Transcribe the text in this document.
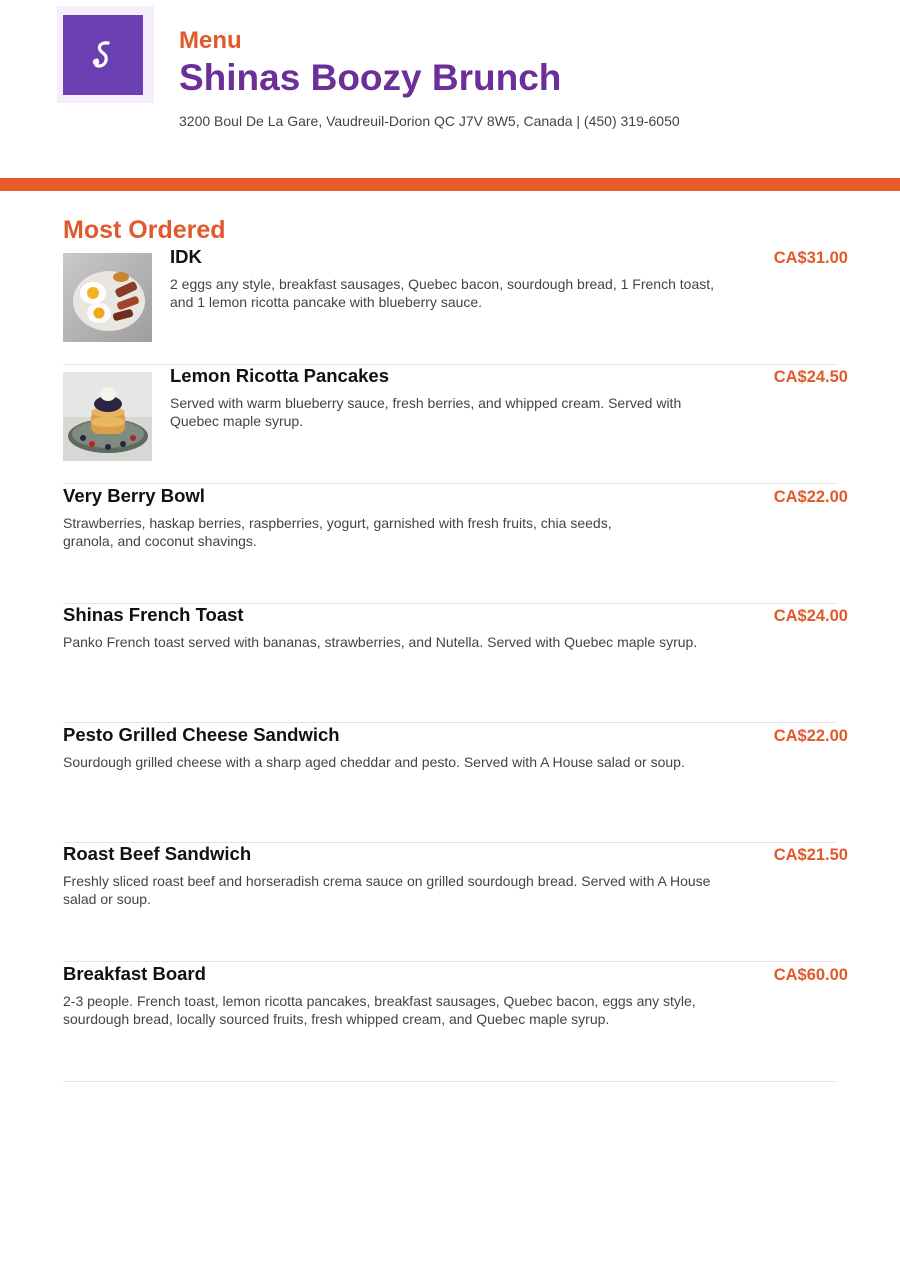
Menu

Shinas Boozy Brunch
3200 Boul De La Gare, Vaudreuil-Dorion QC J7V 8W5, Canada | (450) 319-6050
Most Ordered

IDK

2 eggs any style, breakfast sausages, Quebec bacon, sourdough bread, 1 French toast, and 1 lemon ricotta pancake with blueberry sauce.

CA$31.00

Lemon Ricotta Pancakes

Served with warm blueberry sauce, fresh berries, and whipped cream. Served with Quebec maple syrup.

CA$24.50

Very Berry Bowl

Strawberries, haskap berries, raspberries, yogurt, garnished with fresh fruits, chia seeds, granola, and coconut shavings.

CA$22.00

Shinas French Toast

Panko French toast served with bananas, strawberries, and Nutella. Served with Quebec maple syrup.

CA$24.00

Pesto Grilled Cheese Sandwich

Sourdough grilled cheese with a sharp aged cheddar and pesto. Served with A House salad or soup.

CA$22.00

Roast Beef Sandwich

Freshly sliced roast beef and horseradish crema sauce on grilled sourdough bread. Served with A House salad or soup.

CA$21.50

Breakfast Board

2-3 people. French toast, lemon ricotta pancakes, breakfast sausages, Quebec bacon, eggs any style, sourdough bread, locally sourced fruits, fresh whipped cream, and Quebec maple syrup.

CA$60.00
